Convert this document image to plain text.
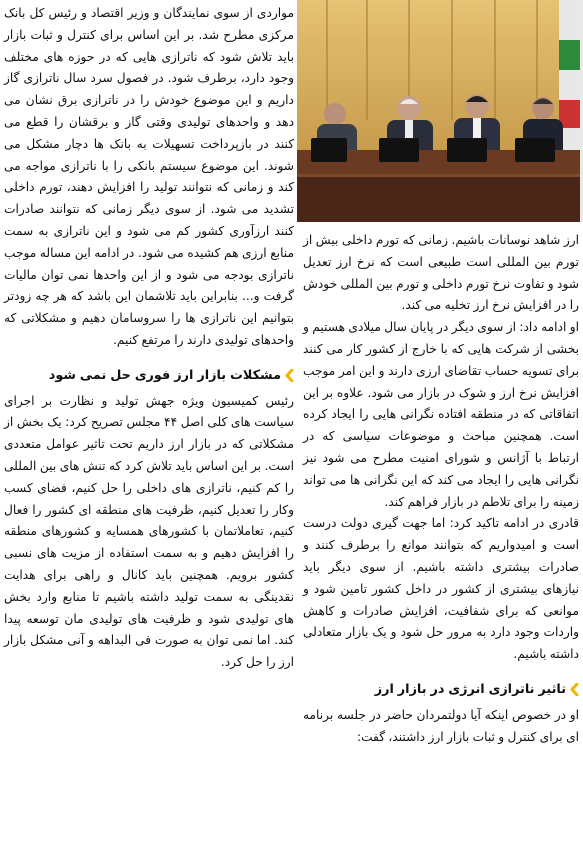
مواردی از سوی نمایندگان و وزیر اقتصاد و رئیس کل بانک مرکزی مطرح شد. بر این اساس برای کنترل و ثبات بازار باید تلاش شود که ناترازی هایی که در حوزه های مختلف وجود دارد، برطرف شود. در فصول سرد سال ناترازی گاز داریم و این موضوع خودش را در ناترازی برق نشان می دهد و واحدهای تولیدی وقتی گاز و برقشان را قطع می کنند در بازپرداخت تسهیلات به بانک ها دچار مشکل می شوند. این موضوع سیستم بانکی را با ناترازی مواجه می کند و زمانی که نتوانند تولید را افزایش دهند، تورم داخلی تشدید می شود. از سوی دیگر زمانی که نتوانند صادرات کنند ارزآوری کشور کم می شود و این ناترازی به سمت منابع ارزی هم کشیده می شود. در ادامه این مساله موجب ناترازی بودجه می شود و از این واحدها نمی توان مالیات گرفت و... بنابراین باید تلاشمان این باشد که هر چه زودتر بتوانیم این ناترازی ها را سروسامان دهیم و مشکلاتی که واحدهای تولیدی دارند را مرتفع کنیم.

مشکلات بازار ارز فوری حل نمی شود

رئیس کمیسیون ویژه جهش تولید و نظارت بر اجرای سیاست های کلی اصل ۴۴ مجلس تصریح کرد: یک بخش از مشکلاتی که در بازار ارز داریم تحت تاثیر عوامل متعددی است. بر این اساس باید تلاش کرد که تنش های بین المللی را کم کنیم، ناترازی های داخلی را حل کنیم، فضای کسب وکار را تعدیل کنیم، ظرفیت های منطقه ای کشور را فعال کنیم، تعاملاتمان با کشورهای همسایه و کشورهای منطقه را افزایش دهیم و به سمت استفاده از مزیت های نسبی کشور برویم. همچنین باید کانال و راهی برای هدایت نقدینگی به سمت تولید داشته باشیم تا منابع وارد بخش های تولیدی شود و ظرفیت های تولیدی مان توسعه پیدا کند. اما نمی توان به صورت فی البداهه و آنی مشکل بازار ارز را حل کرد.

ارز شاهد نوسانات باشیم. زمانی که تورم داخلی بیش از تورم بین المللی است طبیعی است که نرخ ارز تعدیل شود و تفاوت نرخ تورم داخلی و تورم بین المللی خودش را در افزایش نرخ ارز تخلیه می کند.

او ادامه داد: از سوی دیگر در پایان سال میلادی هستیم و بخشی از شرکت هایی که با خارج از کشور کار می کنند برای تسویه حساب تقاضای ارزی دارند و این امر موجب افزایش نرخ ارز و شوک در بازار می شود. علاوه بر این اتفاقاتی که در منطقه افتاده نگرانی هایی را ایجاد کرده است. همچنین مباحث و موضوعات سیاسی که در ارتباط با آژانس و شورای امنیت مطرح می شود نیز نگرانی هایی را ایجاد می کند که این نگرانی ها می تواند زمینه را برای تلاطم در بازار فراهم کند.

قادری در ادامه تاکید کرد: اما جهت گیری دولت درست است و امیدواریم که بتوانند موانع را برطرف کنند و صادرات بیشتری داشته باشیم. از سوی دیگر باید نیازهای بیشتری از کشور در داخل کشور تامین شود و موانعی که برای شفافیت، افزایش صادرات و کاهش واردات وجود دارد به مرور حل شود و یک بازار متعادلی داشته باشیم.

تاثیر ناترازی انرژی در بازار ارز

او در خصوص اینکه آیا دولتمردان حاضر در جلسه برنامه ای برای کنترل و ثبات بازار ارز داشتند، گفت:
